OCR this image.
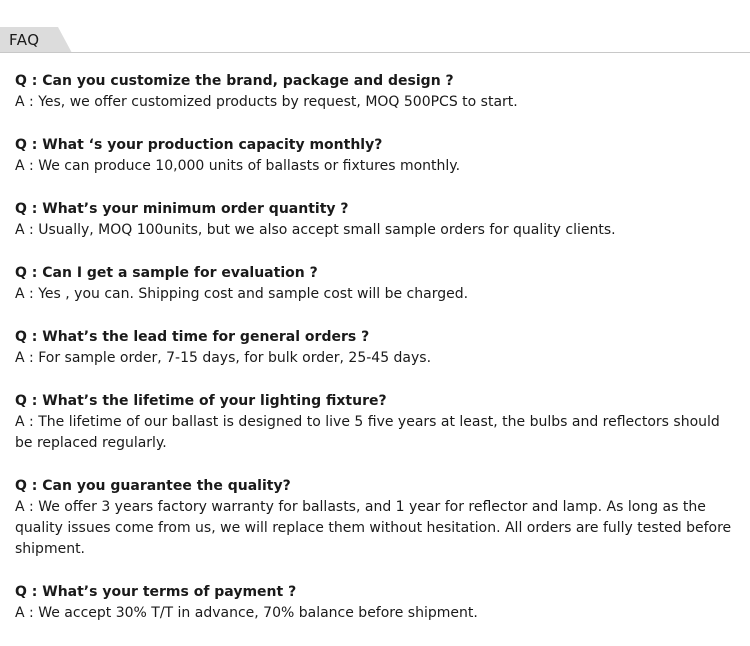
FAQ
Q : Can you customize the brand, package and design ?
A : Yes, we offer customized products by request, MOQ 500PCS to start.
Q : What ‘s your production capacity monthly?
A : We can produce 10,000 units of ballasts or fixtures monthly.
Q : What’s your minimum order quantity ?
A : Usually, MOQ 100units, but we also accept small sample orders for quality clients.
Q : Can I get a sample for evaluation ?
A : Yes , you can. Shipping cost and sample cost will be charged.
Q : What’s the lead time for general orders ?
A : For sample order, 7-15 days, for bulk order, 25-45 days.
Q : What’s the lifetime of your lighting fixture?
A : The lifetime of our ballast is designed to live 5 five years at least, the bulbs and reflectors should be replaced regularly.
Q : Can you guarantee the quality?
A : We offer 3 years factory warranty for ballasts, and 1 year for reflector and lamp. As long as the quality issues come from us, we will replace them without hesitation. All orders are fully tested before shipment.
Q : What’s your terms of payment ?
A : We accept 30% T/T in advance, 70% balance before shipment.
